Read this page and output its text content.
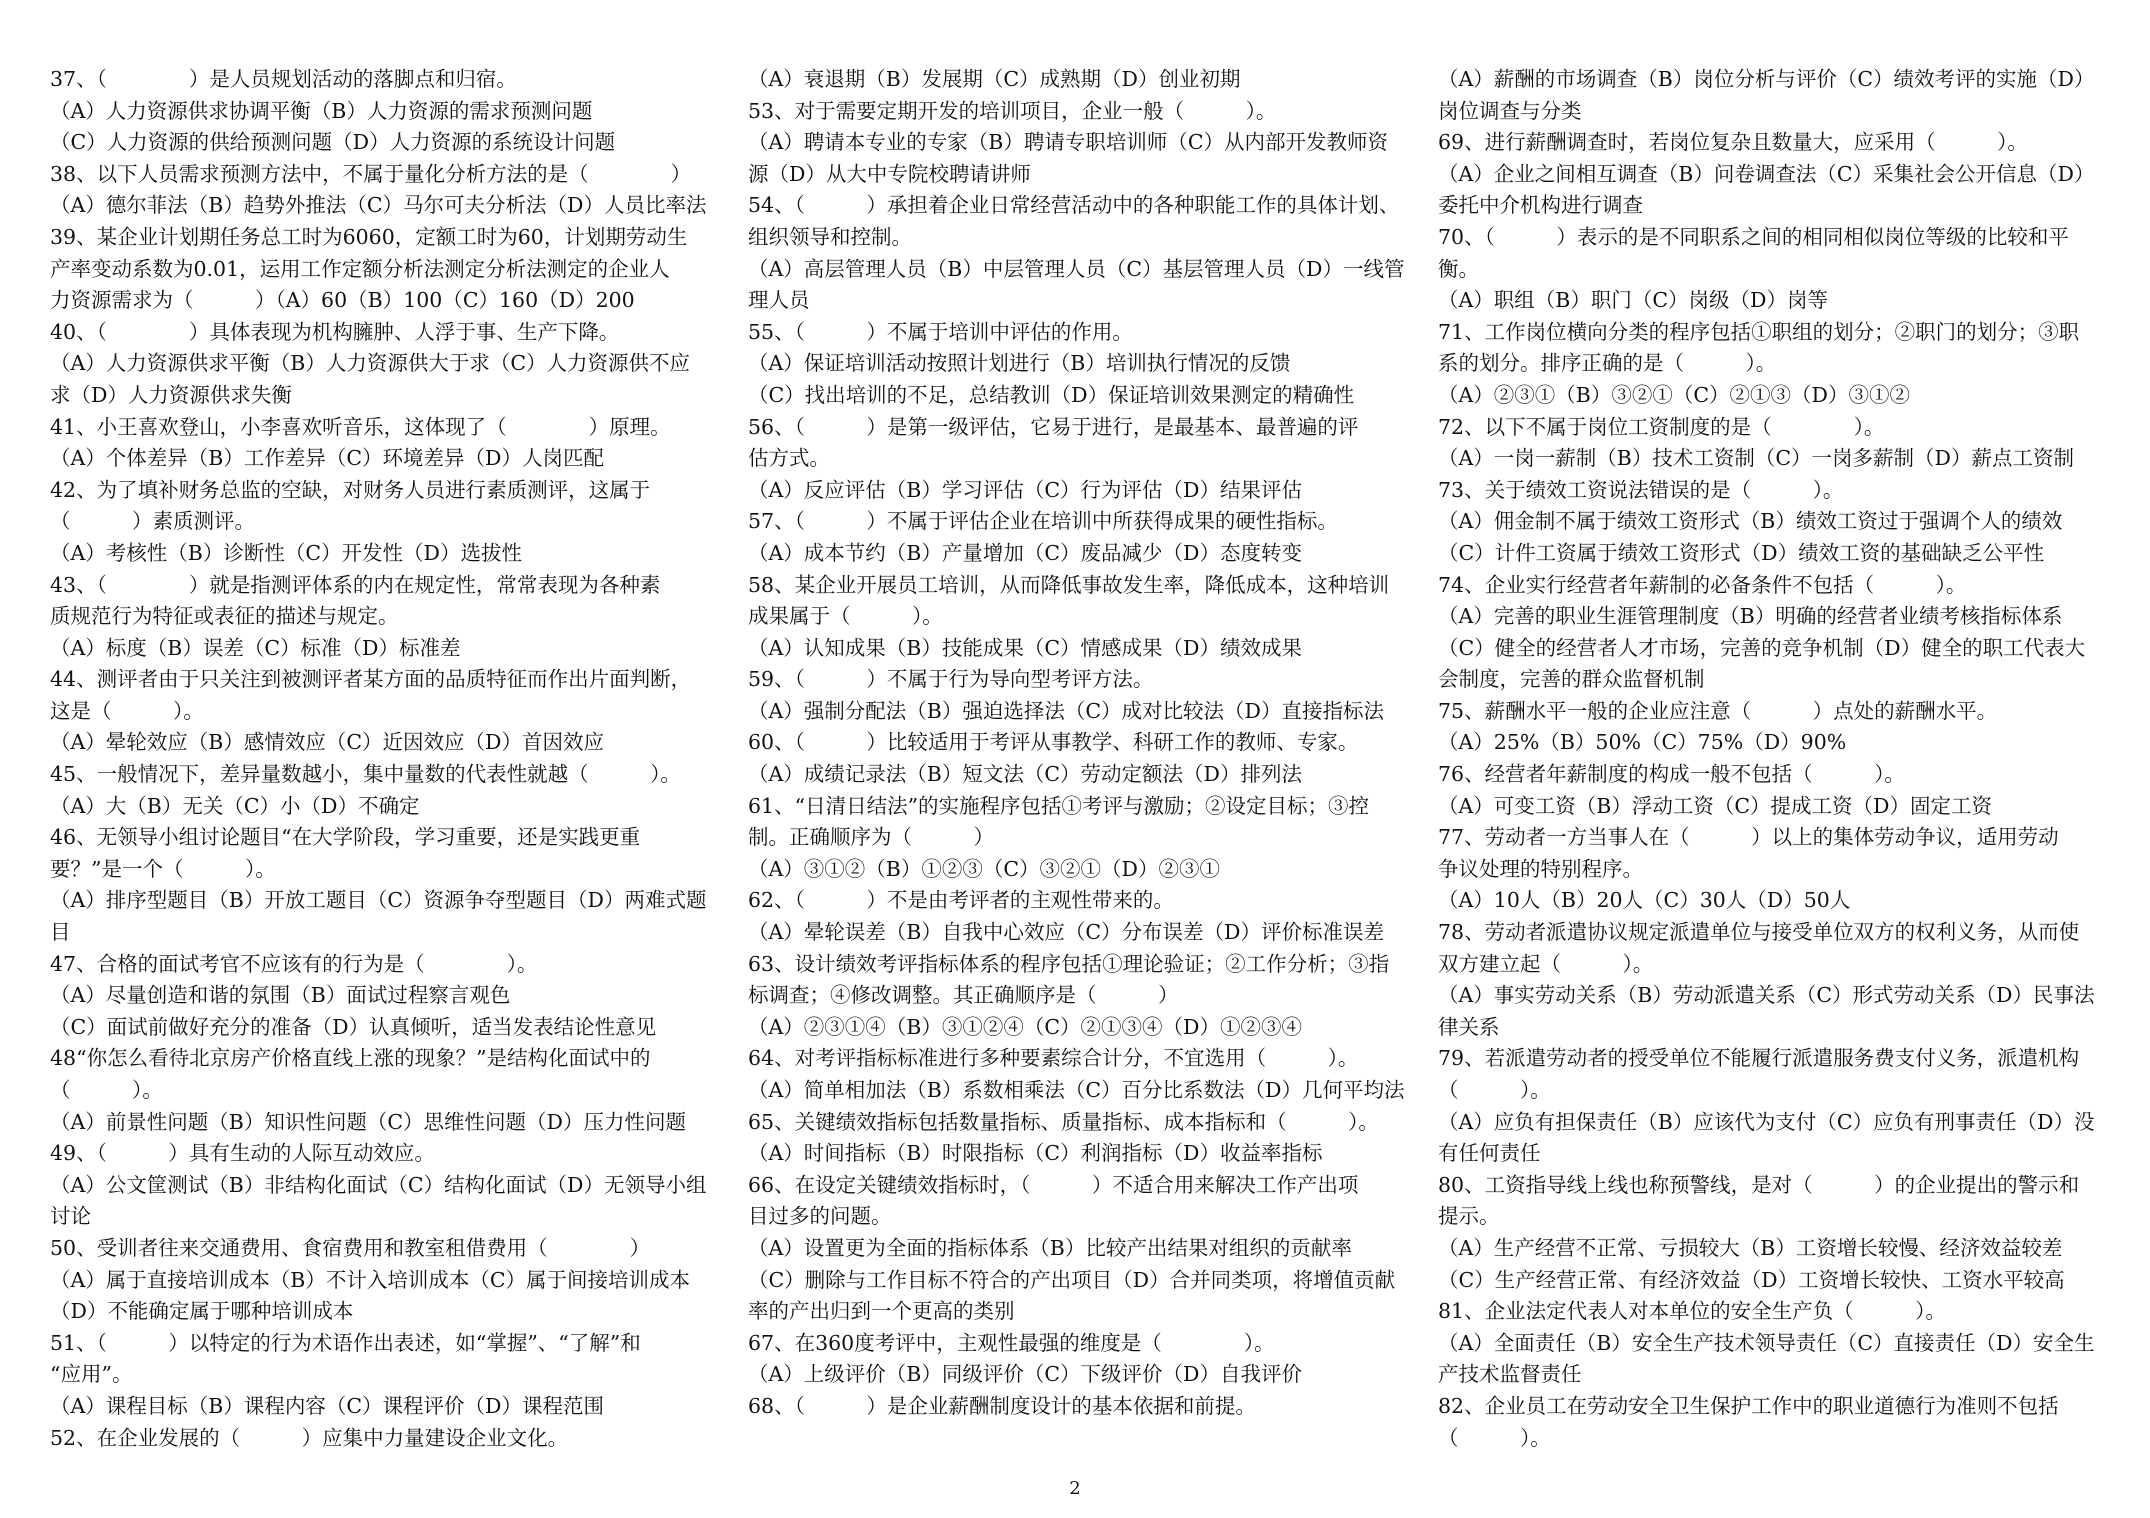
37、（　　　　）是人员规划活动的落脚点和归宿。
（A）人力资源供求协调平衡（B）人力资源的需求预测问题
（C）人力资源的供给预测问题（D）人力资源的系统设计问题
38、以下人员需求预测方法中，不属于量化分析方法的是（　　　　）
（A）德尔菲法（B）趋势外推法（C）马尔可夫分析法（D）人员比率法
39、某企业计划期任务总工时为6060，定额工时为60，计划期劳动生
产率变动系数为0.01，运用工作定额分析法测定分析法测定的企业人
力资源需求为（　　　）（A）60（B）100（C）160（D）200
40、（　　　　）具体表现为机构臃肿、人浮于事、生产下降。
（A）人力资源供求平衡（B）人力资源供大于求（C）人力资源供不应
求（D）人力资源供求失衡
41、小王喜欢登山，小李喜欢听音乐，这体现了（　　　　）原理。
（A）个体差异（B）工作差异（C）环境差异（D）人岗匹配
42、为了填补财务总监的空缺，对财务人员进行素质测评，这属于
（　　　）素质测评。
（A）考核性（B）诊断性（C）开发性（D）选拔性
43、（　　　　）就是指测评体系的内在规定性，常常表现为各种素
质规范行为特征或表征的描述与规定。
（A）标度（B）误差（C）标准（D）标准差
44、测评者由于只关注到被测评者某方面的品质特征而作出片面判断，
这是（　　　）。
（A）晕轮效应（B）感情效应（C）近因效应（D）首因效应
45、一般情况下，差异量数越小，集中量数的代表性就越（　　　）。
（A）大（B）无关（C）小（D）不确定
46、无领导小组讨论题目“在大学阶段，学习重要，还是实践更重
要？”是一个（　　　）。
（A）排序型题目（B）开放工题目（C）资源争夺型题目（D）两难式题
目
47、合格的面试考官不应该有的行为是（　　　　）。
（A）尽量创造和谐的氛围（B）面试过程察言观色
（C）面试前做好充分的准备（D）认真倾听，适当发表结论性意见
48“你怎么看待北京房产价格直线上涨的现象？”是结构化面试中的
（　　　）。
（A）前景性问题（B）知识性问题（C）思维性问题（D）压力性问题
49、（　　　）具有生动的人际互动效应。
（A）公文筐测试（B）非结构化面试（C）结构化面试（D）无领导小组
讨论
50、受训者往来交通费用、食宿费用和教室租借费用（　　　　）
（A）属于直接培训成本（B）不计入培训成本（C）属于间接培训成本
（D）不能确定属于哪种培训成本
51、（　　　）以特定的行为术语作出表述，如“掌握”、“了解”和
“应用”。
（A）课程目标（B）课程内容（C）课程评价（D）课程范围
52、在企业发展的（　　　）应集中力量建设企业文化。
（A）衰退期（B）发展期（C）成熟期（D）创业初期
53、对于需要定期开发的培训项目，企业一般（　　　）。
（A）聘请本专业的专家（B）聘请专职培训师（C）从内部开发教师资
源（D）从大中专院校聘请讲师
54、（　　　）承担着企业日常经营活动中的各种职能工作的具体计划、
组织领导和控制。
（A）高层管理人员（B）中层管理人员（C）基层管理人员（D）一线管
理人员
55、（　　　）不属于培训中评估的作用。
（A）保证培训活动按照计划进行（B）培训执行情况的反馈
（C）找出培训的不足，总结教训（D）保证培训效果测定的精确性
56、（　　　）是第一级评估，它易于进行，是最基本、最普遍的评
估方式。
（A）反应评估（B）学习评估（C）行为评估（D）结果评估
57、（　　　）不属于评估企业在培训中所获得成果的硬性指标。
（A）成本节约（B）产量增加（C）废品减少（D）态度转变
58、某企业开展员工培训，从而降低事故发生率，降低成本，这种培训
成果属于（　　　）。
（A）认知成果（B）技能成果（C）情感成果（D）绩效成果
59、（　　　）不属于行为导向型考评方法。
（A）强制分配法（B）强迫选择法（C）成对比较法（D）直接指标法
60、（　　　）比较适用于考评从事教学、科研工作的教师、专家。
（A）成绩记录法（B）短文法（C）劳动定额法（D）排列法
61、“日清日结法”的实施程序包括①考评与激励；②设定目标；③控
制。正确顺序为（　　　）
（A）③①②（B）①②③（C）③②①（D）②③①
62、（　　　）不是由考评者的主观性带来的。
（A）晕轮误差（B）自我中心效应（C）分布误差（D）评价标准误差
63、设计绩效考评指标体系的程序包括①理论验证；②工作分析；③指
标调查；④修改调整。其正确顺序是（　　　）
（A）②③①④（B）③①②④（C）②①③④（D）①②③④
64、对考评指标标准进行多种要素综合计分，不宜选用（　　　）。
（A）简单相加法（B）系数相乘法（C）百分比系数法（D）几何平均法
65、关键绩效指标包括数量指标、质量指标、成本指标和（　　　）。
（A）时间指标（B）时限指标（C）利润指标（D）收益率指标
66、在设定关键绩效指标时，（　　　）不适合用来解决工作产出项
目过多的问题。
（A）设置更为全面的指标体系（B）比较产出结果对组织的贡献率
（C）删除与工作目标不符合的产出项目（D）合并同类项，将增值贡献
率的产出归到一个更高的类别
67、在360度考评中，主观性最强的维度是（　　　　）。
（A）上级评价（B）同级评价（C）下级评价（D）自我评价
68、（　　　）是企业薪酬制度设计的基本依据和前提。
（A）薪酬的市场调查（B）岗位分析与评价（C）绩效考评的实施（D）
岗位调查与分类
69、进行薪酬调查时，若岗位复杂且数量大，应采用（　　　）。
（A）企业之间相互调查（B）问卷调查法（C）采集社会公开信息（D）
委托中介机构进行调查
70、（　　　）表示的是不同职系之间的相同相似岗位等级的比较和平
衡。
（A）职组（B）职门（C）岗级（D）岗等
71、工作岗位横向分类的程序包括①职组的划分；②职门的划分；③职
系的划分。排序正确的是（　　　）。
（A）②③①（B）③②①（C）②①③（D）③①②
72、以下不属于岗位工资制度的是（　　　　）。
（A）一岗一薪制（B）技术工资制（C）一岗多薪制（D）薪点工资制
73、关于绩效工资说法错误的是（　　　）。
（A）佣金制不属于绩效工资形式（B）绩效工资过于强调个人的绩效
（C）计件工资属于绩效工资形式（D）绩效工资的基础缺乏公平性
74、企业实行经营者年薪制的必备条件不包括（　　　）。
（A）完善的职业生涯管理制度（B）明确的经营者业绩考核指标体系
（C）健全的经营者人才市场，完善的竞争机制（D）健全的职工代表大
会制度，完善的群众监督机制
75、薪酬水平一般的企业应注意（　　　）点处的薪酬水平。
（A）25%（B）50%（C）75%（D）90%
76、经营者年薪制度的构成一般不包括（　　　）。
（A）可变工资（B）浮动工资（C）提成工资（D）固定工资
77、劳动者一方当事人在（　　　）以上的集体劳动争议，适用劳动
争议处理的特别程序。
（A）10人（B）20人（C）30人（D）50人
78、劳动者派遣协议规定派遣单位与接受单位双方的权利义务，从而使
双方建立起（　　　）。
（A）事实劳动关系（B）劳动派遣关系（C）形式劳动关系（D）民事法
律关系
79、若派遣劳动者的授受单位不能履行派遣服务费支付义务，派遣机构
（　　　）。
（A）应负有担保责任（B）应该代为支付（C）应负有刑事责任（D）没
有任何责任
80、工资指导线上线也称预警线，是对（　　　）的企业提出的警示和
提示。
（A）生产经营不正常、亏损较大（B）工资增长较慢、经济效益较差
（C）生产经营正常、有经济效益（D）工资增长较快、工资水平较高
81、企业法定代表人对本单位的安全生产负（　　　）。
（A）全面责任（B）安全生产技术领导责任（C）直接责任（D）安全生
产技术监督责任
82、企业员工在劳动安全卫生保护工作中的职业道德行为准则不包括
（　　　）。
2
